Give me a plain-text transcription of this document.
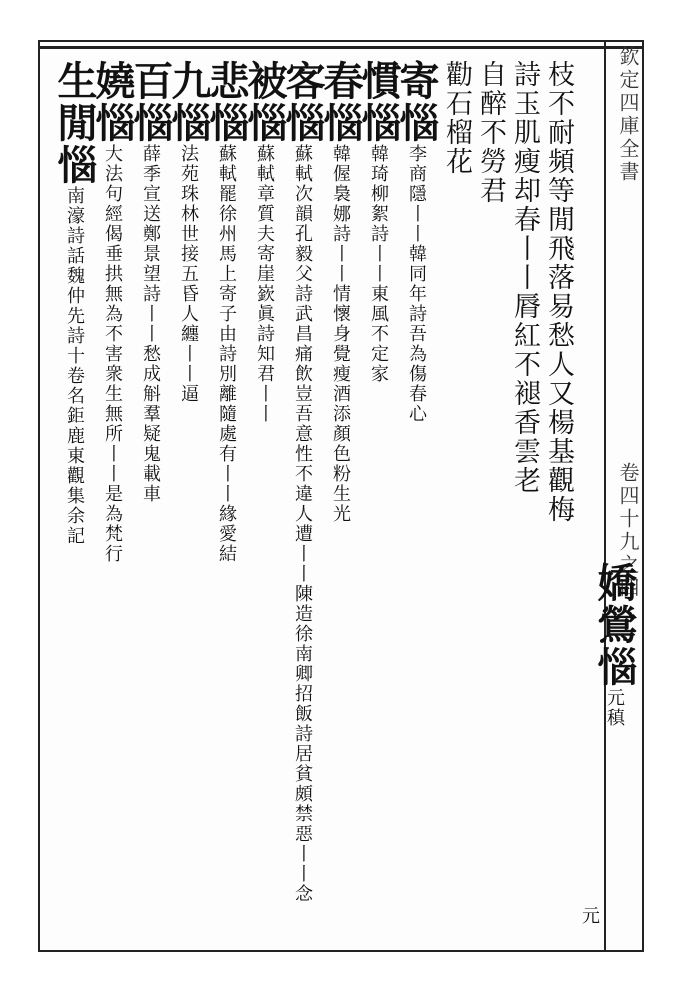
欽定四庫全書
卷四十九之四
枝不耐頻等閒飛落易愁人又楊基觀梅
詩玉肌瘦却春丨丨脣紅不褪香雲老
自醉不勞君
勸石榴花
寄惱李商隱丨丨韓同年詩吾為傷春心
慣惱韓琦柳絮詩丨丨東風不定家
春惱韓偓裊娜詩丨丨情懷身覺瘦酒添顏色粉生光
客惱蘇軾次韻孔毅父詩武昌痛飲豈吾意性不違人遭丨丨陳造徐南卿招飯詩居貧頗禁惡丨丨念
被惱蘇軾章質夫寄崖嶔眞詩知君丨丨
悲惱蘇軾罷徐州馬上寄子由詩別離隨處有丨丨緣愛結
九惱法苑珠林世接五昏人纏丨丨逼
百惱薛季宣送鄭景望詩丨丨愁成斛羣疑鬼載車
嬈惱大法句經偈垂拱無為不害衆生無所丨丨是為梵行
生閒惱南濠詩話魏仲先詩十卷名鉅鹿東觀集余記
嬌鶯惱元稹
元
